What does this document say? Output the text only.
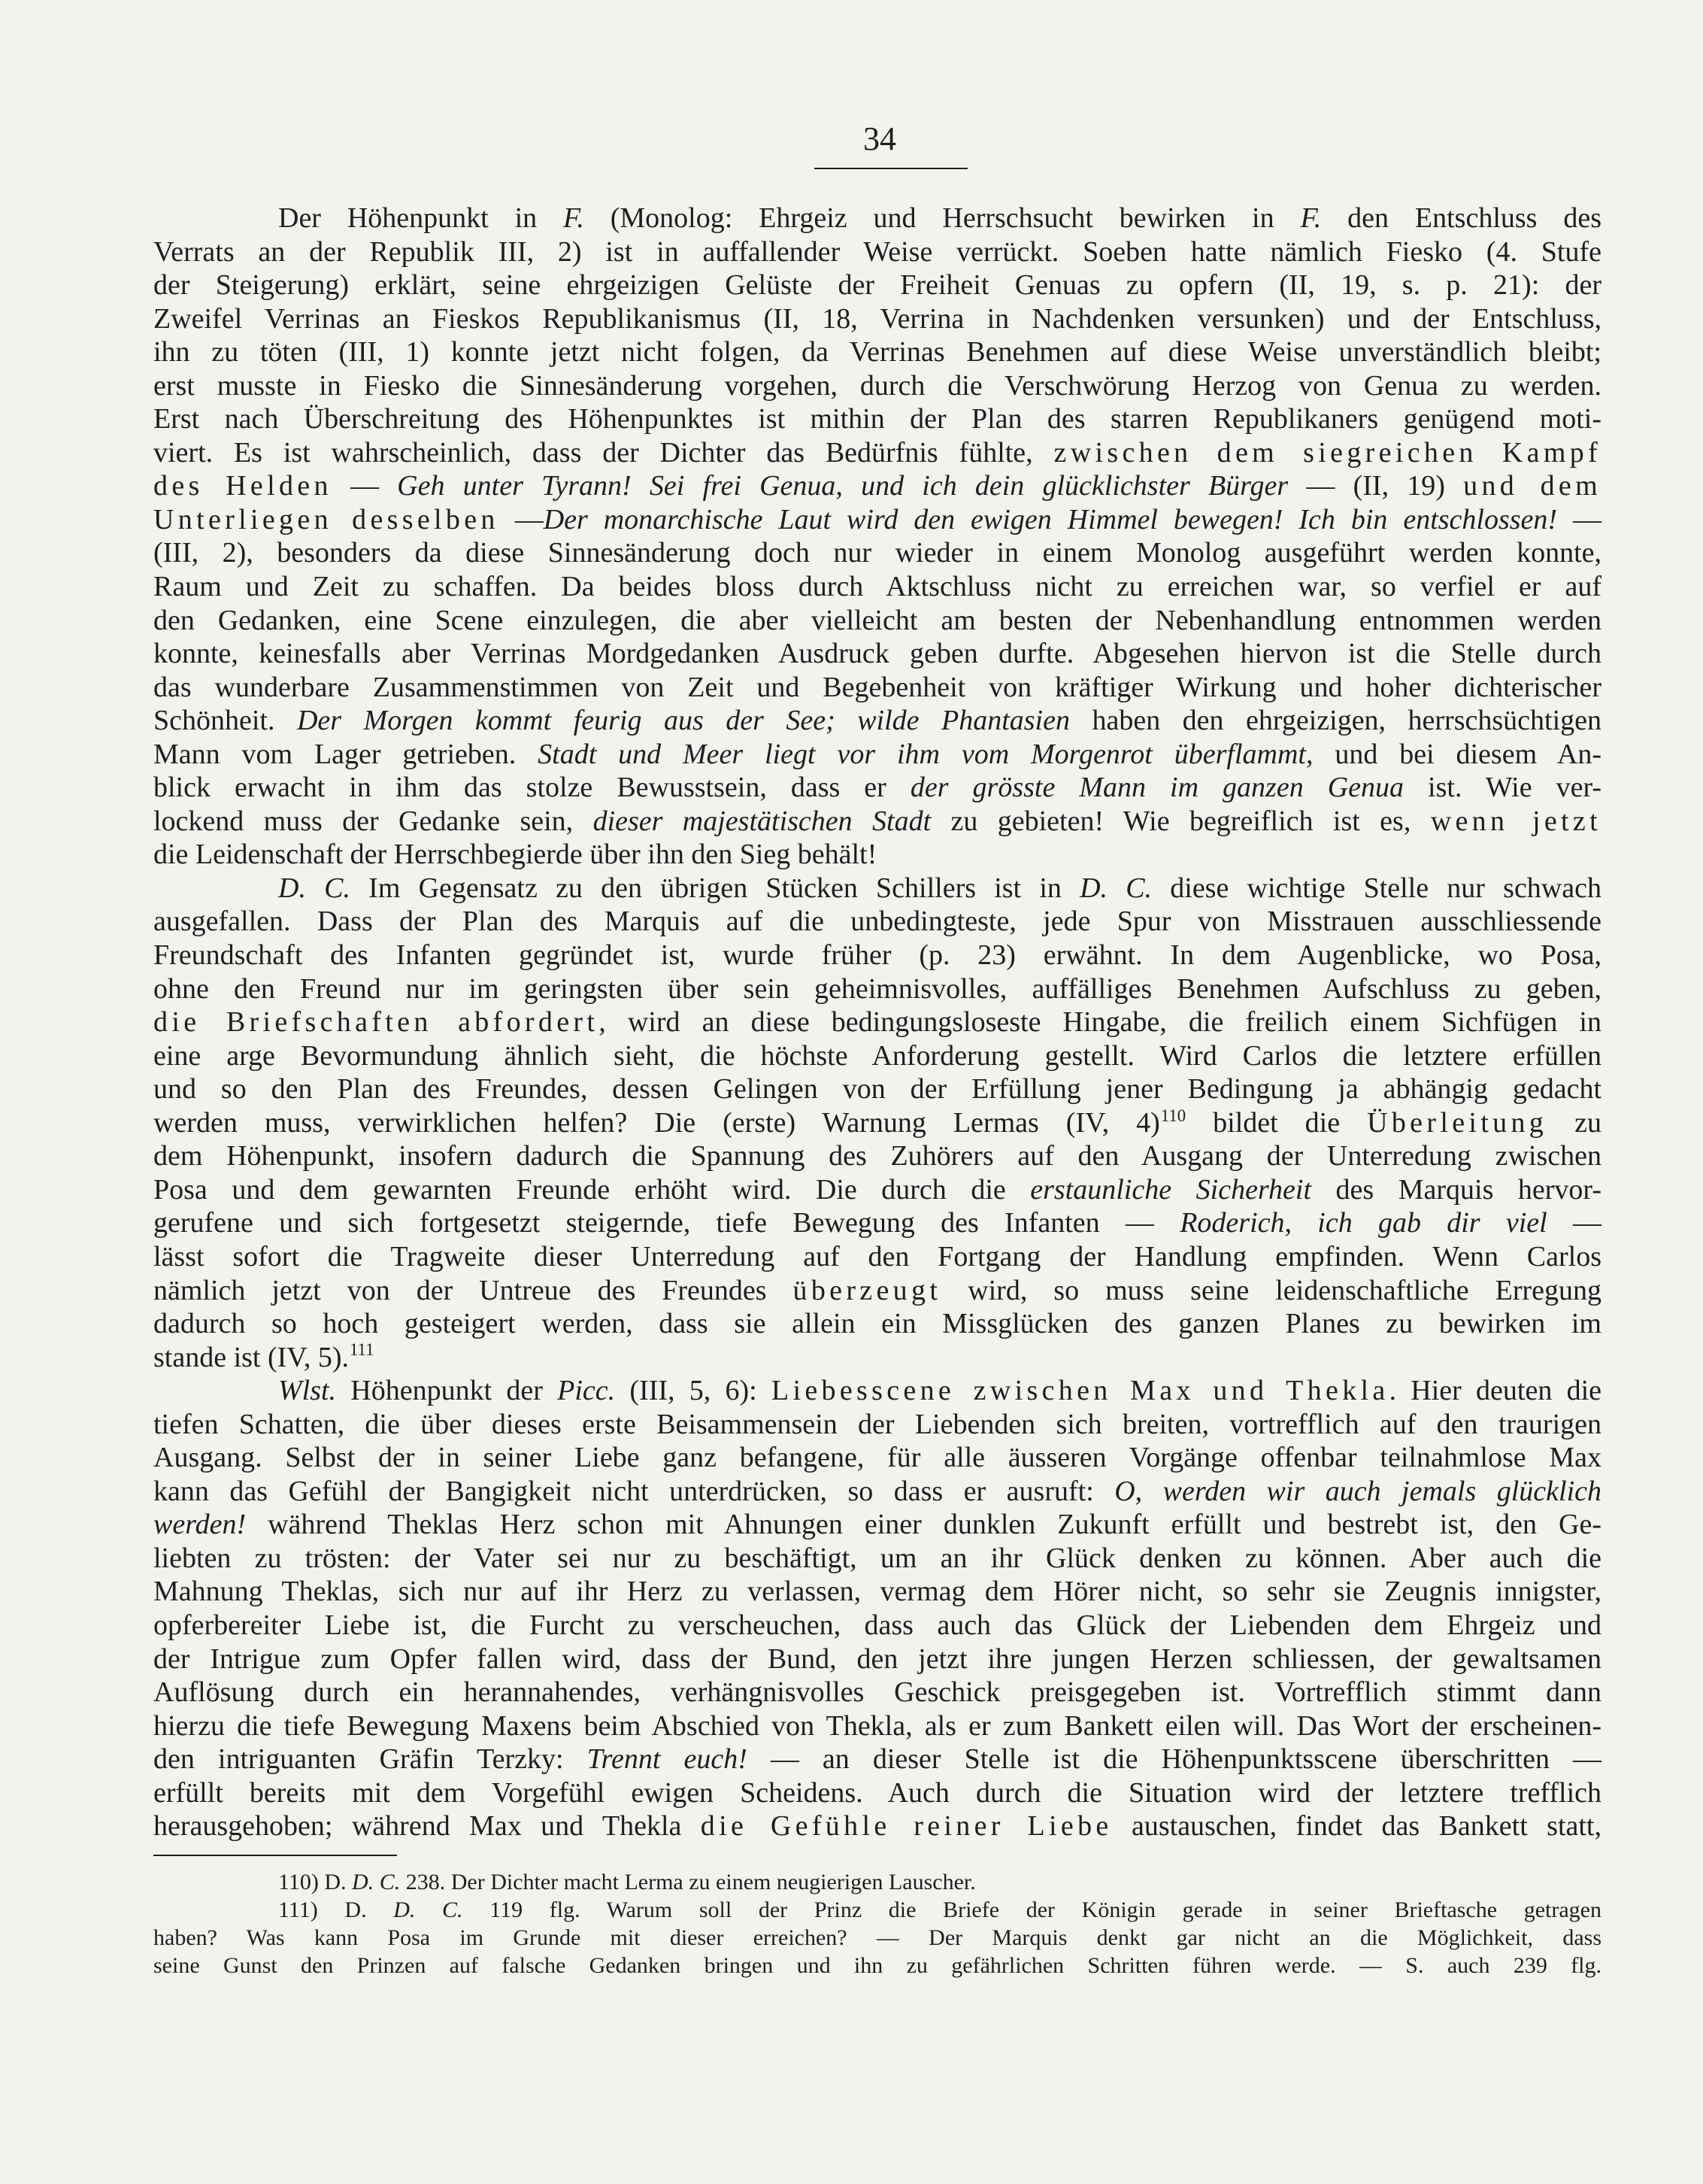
34
Der Höhenpunkt in F. (Monolog: Ehrgeiz und Herrschsucht bewirken in F. den Entschluss des
Verrats an der Republik III, 2) ist in auffallender Weise verrückt. Soeben hatte nämlich Fiesko (4. Stufe
der Steigerung) erklärt, seine ehrgeizigen Gelüste der Freiheit Genuas zu opfern (II, 19, s. p. 21): der
Zweifel Verrinas an Fieskos Republikanismus (II, 18, Verrina in Nachdenken versunken) und der Entschluss,
ihn zu töten (III, 1) konnte jetzt nicht folgen, da Verrinas Benehmen auf diese Weise unverständlich bleibt;
erst musste in Fiesko die Sinnesänderung vorgehen, durch die Verschwörung Herzog von Genua zu werden.
Erst nach Überschreitung des Höhenpunktes ist mithin der Plan des starren Republikaners genügend moti-
viert. Es ist wahrscheinlich, dass der Dichter das Bedürfnis fühlte, zwischen dem siegreichen Kampf
des Helden — Geh unter Tyrann! Sei frei Genua, und ich dein glücklichster Bürger — (II, 19) und dem
Unterliegen desselben —Der monarchische Laut wird den ewigen Himmel bewegen! Ich bin entschlossen! —
(III, 2), besonders da diese Sinnesänderung doch nur wieder in einem Monolog ausgeführt werden konnte,
Raum und Zeit zu schaffen. Da beides bloss durch Aktschluss nicht zu erreichen war, so verfiel er auf
den Gedanken, eine Scene einzulegen, die aber vielleicht am besten der Nebenhandlung entnommen werden
konnte, keinesfalls aber Verrinas Mordgedanken Ausdruck geben durfte. Abgesehen hiervon ist die Stelle durch
das wunderbare Zusammenstimmen von Zeit und Begebenheit von kräftiger Wirkung und hoher dichterischer
Schönheit. Der Morgen kommt feurig aus der See; wilde Phantasien haben den ehrgeizigen, herrschsüchtigen
Mann vom Lager getrieben. Stadt und Meer liegt vor ihm vom Morgenrot überflammt, und bei diesem An-
blick erwacht in ihm das stolze Bewusstsein, dass er der grösste Mann im ganzen Genua ist. Wie ver-
lockend muss der Gedanke sein, dieser majestätischen Stadt zu gebieten! Wie begreiflich ist es, wenn jetzt
die Leidenschaft der Herrschbegierde über ihn den Sieg behält!
D. C. Im Gegensatz zu den übrigen Stücken Schillers ist in D. C. diese wichtige Stelle nur schwach
ausgefallen. Dass der Plan des Marquis auf die unbedingteste, jede Spur von Misstrauen ausschliessende
Freundschaft des Infanten gegründet ist, wurde früher (p. 23) erwähnt. In dem Augenblicke, wo Posa,
ohne den Freund nur im geringsten über sein geheimnisvolles, auffälliges Benehmen Aufschluss zu geben,
die Briefschaften abfordert, wird an diese bedingungsloseste Hingabe, die freilich einem Sichfügen in
eine arge Bevormundung ähnlich sieht, die höchste Anforderung gestellt. Wird Carlos die letztere erfüllen
und so den Plan des Freundes, dessen Gelingen von der Erfüllung jener Bedingung ja abhängig gedacht
werden muss, verwirklichen helfen? Die (erste) Warnung Lermas (IV, 4)$^{110}$ bildet die Überleitung zu
dem Höhenpunkt, insofern dadurch die Spannung des Zuhörers auf den Ausgang der Unterredung zwischen
Posa und dem gewarnten Freunde erhöht wird. Die durch die erstaunliche Sicherheit des Marquis hervor-
gerufene und sich fortgesetzt steigernde, tiefe Bewegung des Infanten — Roderich, ich gab dir viel —
lässt sofort die Tragweite dieser Unterredung auf den Fortgang der Handlung empfinden. Wenn Carlos
nämlich jetzt von der Untreue des Freundes überzeugt wird, so muss seine leidenschaftliche Erregung
dadurch so hoch gesteigert werden, dass sie allein ein Missglücken des ganzen Planes zu bewirken im
stande ist (IV, 5).$^{111}$
Wlst. Höhenpunkt der Picc. (III, 5, 6): Liebesscene zwischen Max und Thekla. Hier deuten die
tiefen Schatten, die über dieses erste Beisammensein der Liebenden sich breiten, vortrefflich auf den traurigen
Ausgang. Selbst der in seiner Liebe ganz befangene, für alle äusseren Vorgänge offenbar teilnahmlose Max
kann das Gefühl der Bangigkeit nicht unterdrücken, so dass er ausruft: O, werden wir auch jemals glücklich
werden! während Theklas Herz schon mit Ahnungen einer dunklen Zukunft erfüllt und bestrebt ist, den Ge-
liebten zu trösten: der Vater sei nur zu beschäftigt, um an ihr Glück denken zu können. Aber auch die
Mahnung Theklas, sich nur auf ihr Herz zu verlassen, vermag dem Hörer nicht, so sehr sie Zeugnis innigster,
opferbereiter Liebe ist, die Furcht zu verscheuchen, dass auch das Glück der Liebenden dem Ehrgeiz und
der Intrigue zum Opfer fallen wird, dass der Bund, den jetzt ihre jungen Herzen schliessen, der gewaltsamen
Auflösung durch ein herannahendes, verhängnisvolles Geschick preisgegeben ist. Vortrefflich stimmt dann
hierzu die tiefe Bewegung Maxens beim Abschied von Thekla, als er zum Bankett eilen will. Das Wort der erscheinen-
den intriguanten Gräfin Terzky: Trennt euch! — an dieser Stelle ist die Höhenpunktsscene überschritten —
erfüllt bereits mit dem Vorgefühl ewigen Scheidens. Auch durch die Situation wird der letztere trefflich
herausgehoben; während Max und Thekla die Gefühle reiner Liebe austauschen, findet das Bankett statt,
110) D. D. C. 238. Der Dichter macht Lerma zu einem neugierigen Lauscher.
111) D. D. C. 119 flg. Warum soll der Prinz die Briefe der Königin gerade in seiner Brieftasche getragen
haben? Was kann Posa im Grunde mit dieser erreichen? — Der Marquis denkt gar nicht an die Möglichkeit, dass
seine Gunst den Prinzen auf falsche Gedanken bringen und ihn zu gefährlichen Schritten führen werde. — S. auch 239 flg.
